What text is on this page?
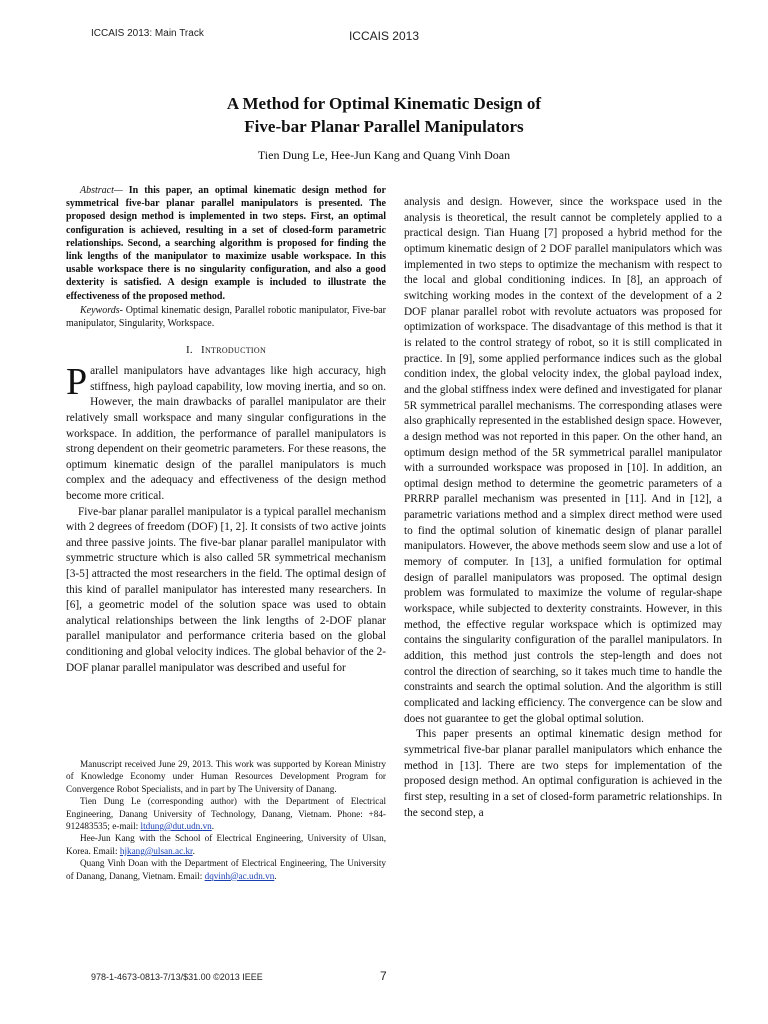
ICCAIS 2013: Main Track	ICCAIS 2013
A Method for Optimal Kinematic Design of
Five-bar Planar Parallel Manipulators
Tien Dung Le, Hee-Jun Kang and Quang Vinh Doan

Abstract— In this paper, an optimal kinematic design method for symmetrical five-bar planar parallel manipulators is presented. The proposed design method is implemented in two steps. First, an optimal configuration is achieved, resulting in a set of closed-form parametric relationships. Second, a searching algorithm is proposed for finding the link lengths of the manipulator to maximize usable workspace. In this usable workspace there is no singularity configuration, and also a good dexterity is satisfied. A design example is included to illustrate the effectiveness of the proposed method.

Keywords- Optimal kinematic design, Parallel robotic manipulator, Five-bar manipulator, Singularity, Workspace.

I. Introduction

Parallel manipulators have advantages like high accuracy, high stiffness, high payload capability, low moving inertia, and so on. However, the main drawbacks of parallel manipulator are their relatively small workspace and many singular configurations in the workspace. In addition, the performance of parallel manipulators is strong dependent on their geometric parameters. For these reasons, the optimum kinematic design of the parallel manipulators is much complex and the adequacy and effectiveness of the design method become more critical.

Five-bar planar parallel manipulator is a typical parallel mechanism with 2 degrees of freedom (DOF) [1, 2]. It consists of two active joints and three passive joints. The five-bar planar parallel manipulator with symmetric structure which is also called 5R symmetrical mechanism [3-5] attracted the most researchers in the field. The optimal design of this kind of parallel manipulator has interested many researchers. In [6], a geometric model of the solution space was used to obtain analytical relationships between the link lengths of 2-DOF planar parallel manipulator and performance criteria based on the global conditioning and global velocity indices. The global behavior of the 2-DOF planar parallel manipulator was described and useful for

Manuscript received June 29, 2013. This work was supported by Korean Ministry of Knowledge Economy under Human Resources Development Program for Convergence Robot Specialists, and in part by The University of Danang.

Tien Dung Le (corresponding author) with the Department of Electrical Engineering, Danang University of Technology, Danang, Vietnam. Phone: +84-912483535; e-mail: ltdung@dut.udn.vn.

Hee-Jun Kang with the School of Electrical Engineering, University of Ulsan, Korea. Email: hjkang@ulsan.ac.kr.

Quang Vinh Doan with the Department of Electrical Engineering, The University of Danang, Danang, Vietnam. Email: dqvinh@ac.udn.vn.

analysis and design. However, since the workspace used in the analysis is theoretical, the result cannot be completely applied to a practical design. Tian Huang [7] proposed a hybrid method for the optimum kinematic design of 2 DOF parallel manipulators which was implemented in two steps to optimize the mechanism with respect to the local and global conditioning indices. In [8], an approach of switching working modes in the context of the development of a 2 DOF planar parallel robot with revolute actuators was proposed for optimization of workspace. The disadvantage of this method is that it is related to the control strategy of robot, so it is still complicated in practice. In [9], some applied performance indices such as the global condition index, the global velocity index, the global payload index, and the global stiffness index were defined and investigated for planar 5R symmetrical parallel mechanisms. The corresponding atlases were also graphically represented in the established design space. However, a design method was not reported in this paper. On the other hand, an optimum design method of the 5R symmetrical parallel manipulator with a surrounded workspace was proposed in [10]. In addition, an optimal design method to determine the geometric parameters of a PRRRP parallel mechanism was presented in [11]. And in [12], a parametric variations method and a simplex direct method were used to find the optimal solution of kinematic design of planar parallel manipulators. However, the above methods seem slow and use a lot of memory of computer. In [13], a unified formulation for optimal design of parallel manipulators was proposed. The optimal design problem was formulated to maximize the volume of regular-shape workspace, while subjected to dexterity constraints. However, in this method, the effective regular workspace which is optimized may contains the singularity configuration of the parallel manipulators. In addition, this method just controls the step-length and does not control the direction of searching, so it takes much time to handle the constraints and search the optimal solution. And the algorithm is still complicated and lacking efficiency. The convergence can be slow and does not guarantee to get the global optimal solution.

This paper presents an optimal kinematic design method for symmetrical five-bar planar parallel manipulators which enhance the method in [13]. There are two steps for implementation of the proposed design method. An optimal configuration is achieved in the first step, resulting in a set of closed-form parametric relationships. In the second step, a

978-1-4673-0813-7/13/$31.00 ©2013 IEEE	7
